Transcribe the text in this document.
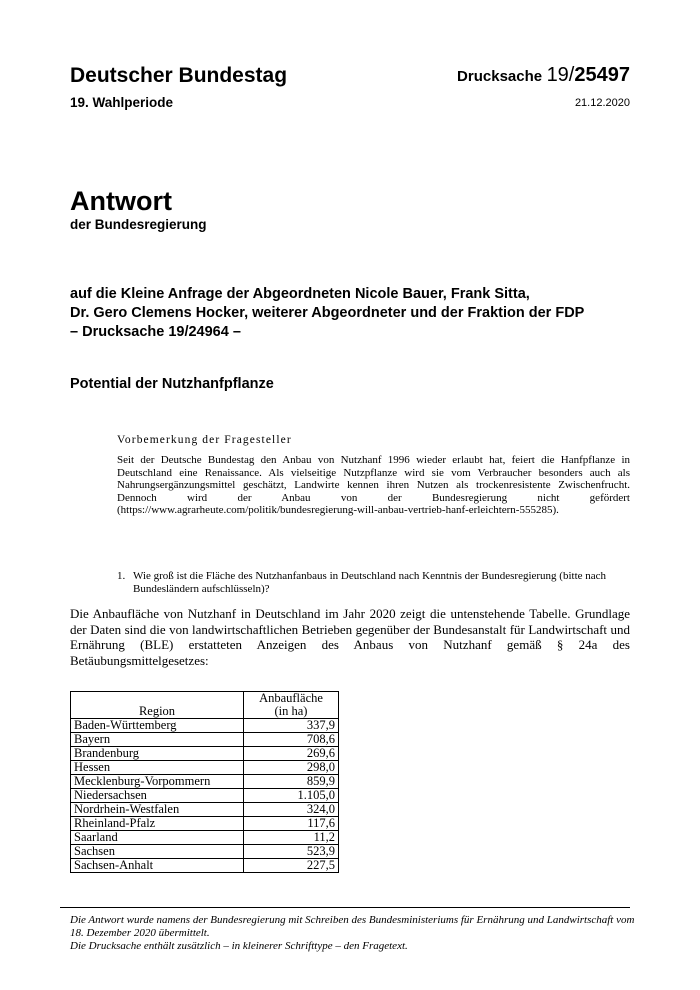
Deutscher Bundestag
19. Wahlperiode
Drucksache 19/25497
21.12.2020
Antwort
der Bundesregierung
auf die Kleine Anfrage der Abgeordneten Nicole Bauer, Frank Sitta,
Dr. Gero Clemens Hocker, weiterer Abgeordneter und der Fraktion der FDP
– Drucksache 19/24964 –
Potential der Nutzhanfpflanze
Vorbemerkung der Fragesteller
Seit der Deutsche Bundestag den Anbau von Nutzhanf 1996 wieder erlaubt hat, feiert die Hanfpflanze in Deutschland eine Renaissance. Als vielseitige Nutzpflanze wird sie vom Verbraucher besonders auch als Nahrungsergänzungsmittel geschätzt, Landwirte kennen ihren Nutzen als trockenresistente Zwischenfrucht. Dennoch wird der Anbau von der Bundesregierung nicht gefördert (https://www.agrarheute.com/politik/bundesregierung-will-anbau-vertrieb-hanf-erleichtern-555285).
1. Wie groß ist die Fläche des Nutzhanfanbaus in Deutschland nach Kenntnis der Bundesregierung (bitte nach Bundesländern aufschlüsseln)?
Die Anbaufläche von Nutzhanf in Deutschland im Jahr 2020 zeigt die untenstehende Tabelle. Grundlage der Daten sind die von landwirtschaftlichen Betrieben gegenüber der Bundesanstalt für Landwirtschaft und Ernährung (BLE) erstatteten Anzeigen des Anbaus von Nutzhanf gemäß § 24a des Betäubungsmittelgesetzes:
Region	Anbaufläche
(in ha)

Baden-Württemberg	337,9
Bayern	708,6
Brandenburg	269,6
Hessen	298,0
Mecklenburg-Vorpommern	859,9
Niedersachsen	1.105,0
Nordrhein-Westfalen	324,0
Rheinland-Pfalz	117,6
Saarland	11,2
Sachsen	523,9
Sachsen-Anhalt	227,5
Die Antwort wurde namens der Bundesregierung mit Schreiben des Bundesministeriums für Ernährung und Landwirtschaft vom 18. Dezember 2020 übermittelt.
Die Drucksache enthält zusätzlich – in kleinerer Schrifttype – den Fragetext.
